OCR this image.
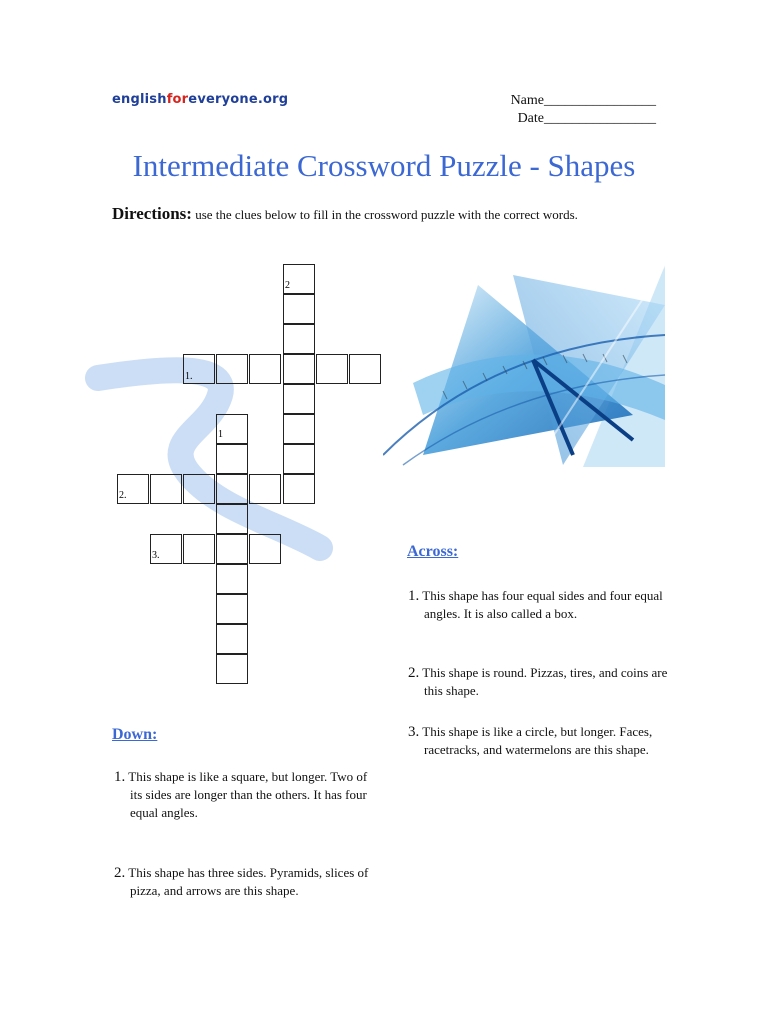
englishforeveryone.org	Name________________
Date________________
Intermediate Crossword Puzzle - Shapes
Directions: use the clues below to fill in the crossword puzzle with the correct words.
2
1.
1
2.
3.	Across:

1. This shape has four equal sides and four equal angles. It is also called a box.

2. This shape is round. Pizzas, tires, and coins are this shape.

3. This shape is like a circle, but longer. Faces, racetracks, and watermelons are this shape.

Down:

1. This shape is like a square, but longer. Two of its sides are longer than the others. It has four equal angles.

2. This shape has three sides. Pyramids, slices of pizza, and arrows are this shape.
